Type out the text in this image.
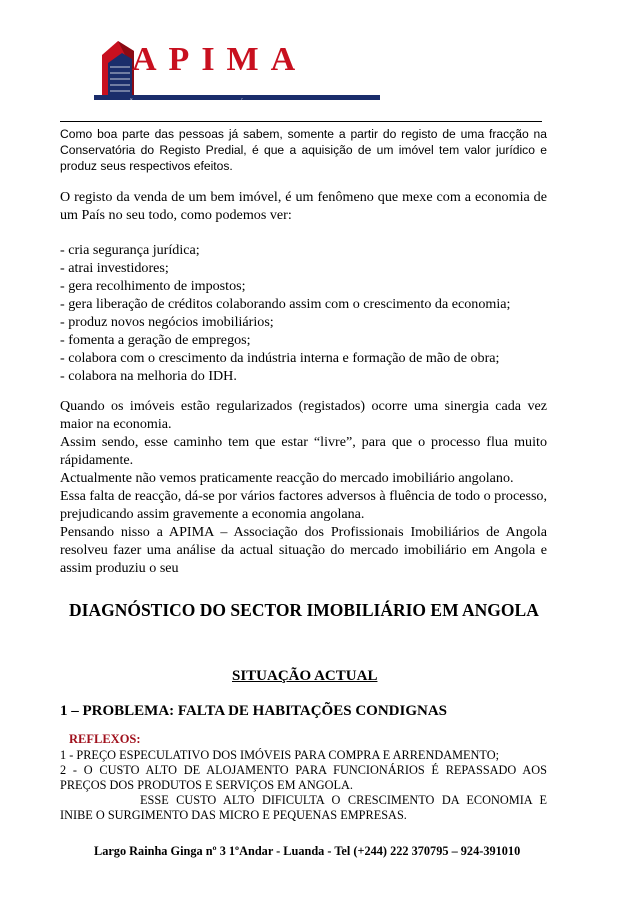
APIMA
ASSOCIAÇÃO DOS PROFISSIONAIS IMOBILIÁRIOS DE ANGOLA
Como boa parte das pessoas já sabem, somente a partir do registo de uma fracção na Conservatória do Registo Predial, é que a aquisição de um imóvel tem valor jurídico e produz seus respectivos efeitos.
O registo da venda de um bem imóvel, é um fenômeno que mexe com a economia de um País no seu todo, como podemos ver:
- cria segurança jurídica;
- atrai investidores;
- gera recolhimento de impostos;
- gera liberação de créditos colaborando assim com o crescimento da economia;
- produz novos negócios imobiliários;
- fomenta a geração de empregos;
- colabora com o crescimento da indústria interna e formação de mão de obra;
- colabora na melhoria do IDH.
Quando os imóveis estão regularizados (registados) ocorre uma sinergia cada vez maior na economia.
Assim sendo, esse caminho tem que estar “livre”, para que o processo flua muito rápidamente.
Actualmente não vemos praticamente reacção do mercado imobiliário angolano.
Essa falta de reacção, dá-se por vários factores adversos à fluência de todo o processo, prejudicando assim gravemente a economia angolana.
Pensando nisso a APIMA – Associação dos Profissionais Imobiliários de Angola resolveu fazer uma análise da actual situação do mercado imobiliário em Angola e assim produziu o seu
DIAGNÓSTICO DO SECTOR IMOBILIÁRIO EM ANGOLA
SITUAÇÃO ACTUAL
1 – PROBLEMA: FALTA DE HABITAÇÕES CONDIGNAS
REFLEXOS:
1 - PREÇO ESPECULATIVO DOS IMÓVEIS PARA COMPRA E ARRENDAMENTO;
2 - O CUSTO ALTO DE ALOJAMENTO PARA FUNCIONÁRIOS É REPASSADO AOS PREÇOS DOS PRODUTOS E SERVIÇOS EM ANGOLA.
ESSE CUSTO ALTO DIFICULTA O CRESCIMENTO DA ECONOMIA E INIBE O SURGIMENTO DAS MICRO E PEQUENAS EMPRESAS.
Largo Rainha Ginga nº 3 1ºAndar - Luanda - Tel (+244) 222 370795 – 924-391010
